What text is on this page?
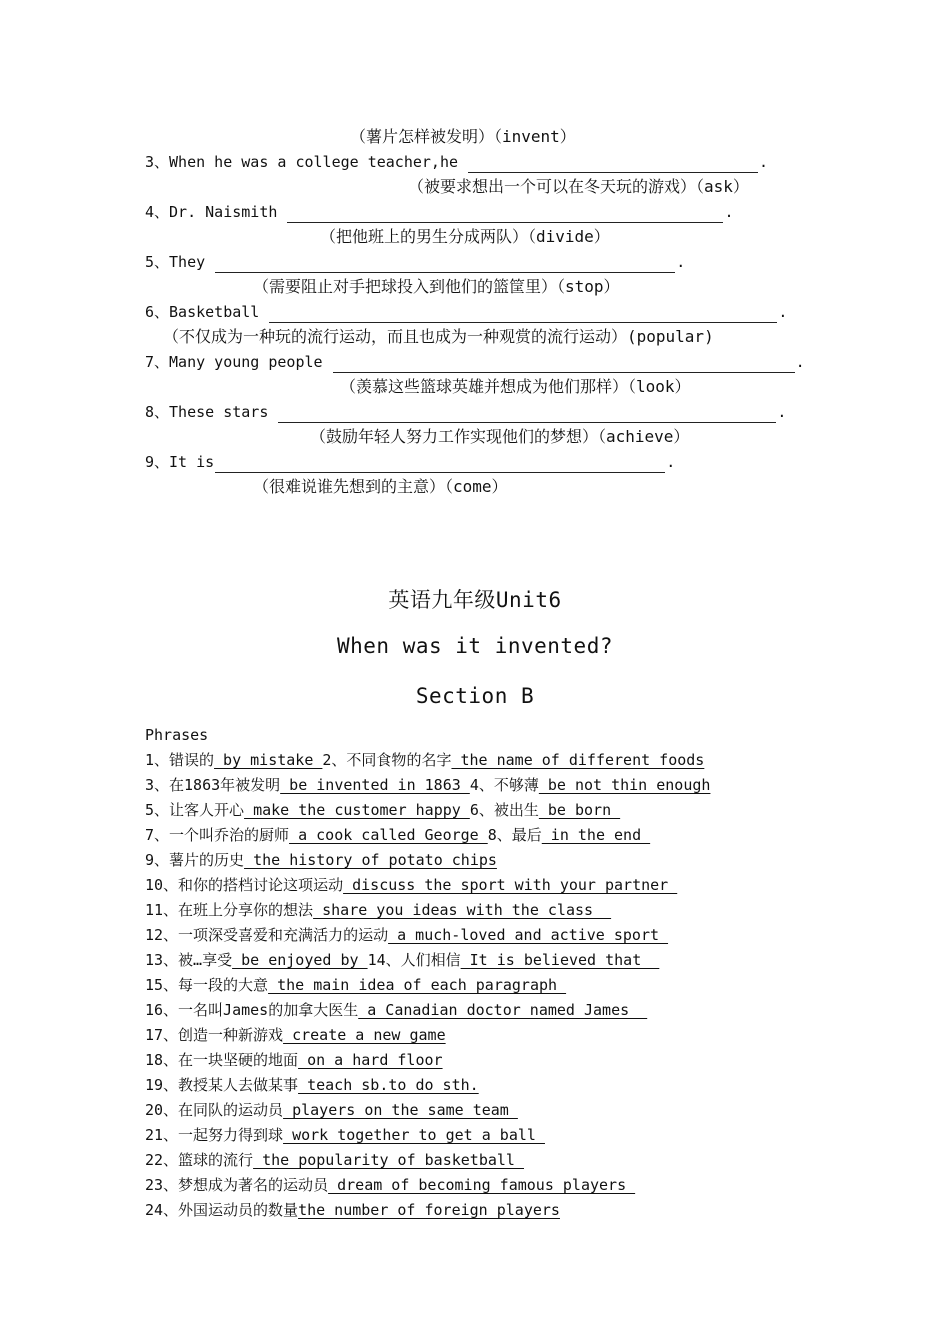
（薯片怎样被发明）（invent）
3、When he was a college teacher,he	.
（被要求想出一个可以在冬天玩的游戏）（ask）
4、Dr. Naismith	.
（把他班上的男生分成两队）（divide）
5、They	.
（需要阻止对手把球投入到他们的篮筐里）（stop）
6、Basketball	.
（不仅成为一种玩的流行运动，而且也成为一种观赏的流行运动）(popular)
7、Many young people	.
（羡慕这些篮球英雄并想成为他们那样）（look）
8、These stars	.
（鼓励年轻人努力工作实现他们的梦想）（achieve）
9、It is	.
（很难说谁先想到的主意）（come）
英语九年级Unit6
When was it invented?
Section B
Phrases
1、错误的 by mistake 2、不同食物的名字 the name of different foods
3、在1863年被发明 be invented in 1863 4、不够薄 be not thin enough
5、让客人开心 make the customer happy 6、被出生 be born
7、一个叫乔治的厨师 a cook called George 8、最后 in the end
9、薯片的历史 the history of potato chips
10、和你的搭档讨论这项运动 discuss the sport with your partner
11、在班上分享你的想法 share you ideas with the class
12、一项深受喜爱和充满活力的运动 a much-loved and active sport
13、被…享受 be enjoyed by 14、人们相信 It is believed that
15、每一段的大意 the main idea of each paragraph
16、一名叫James的加拿大医生 a Canadian doctor named James
17、创造一种新游戏 create a new game
18、在一块坚硬的地面 on a hard floor
19、教授某人去做某事 teach sb.to do sth.
20、在同队的运动员 players on the same team
21、一起努力得到球 work together to get a ball
22、篮球的流行 the popularity of basketball
23、梦想成为著名的运动员 dream of becoming famous players
24、外国运动员的数量the number of foreign players
